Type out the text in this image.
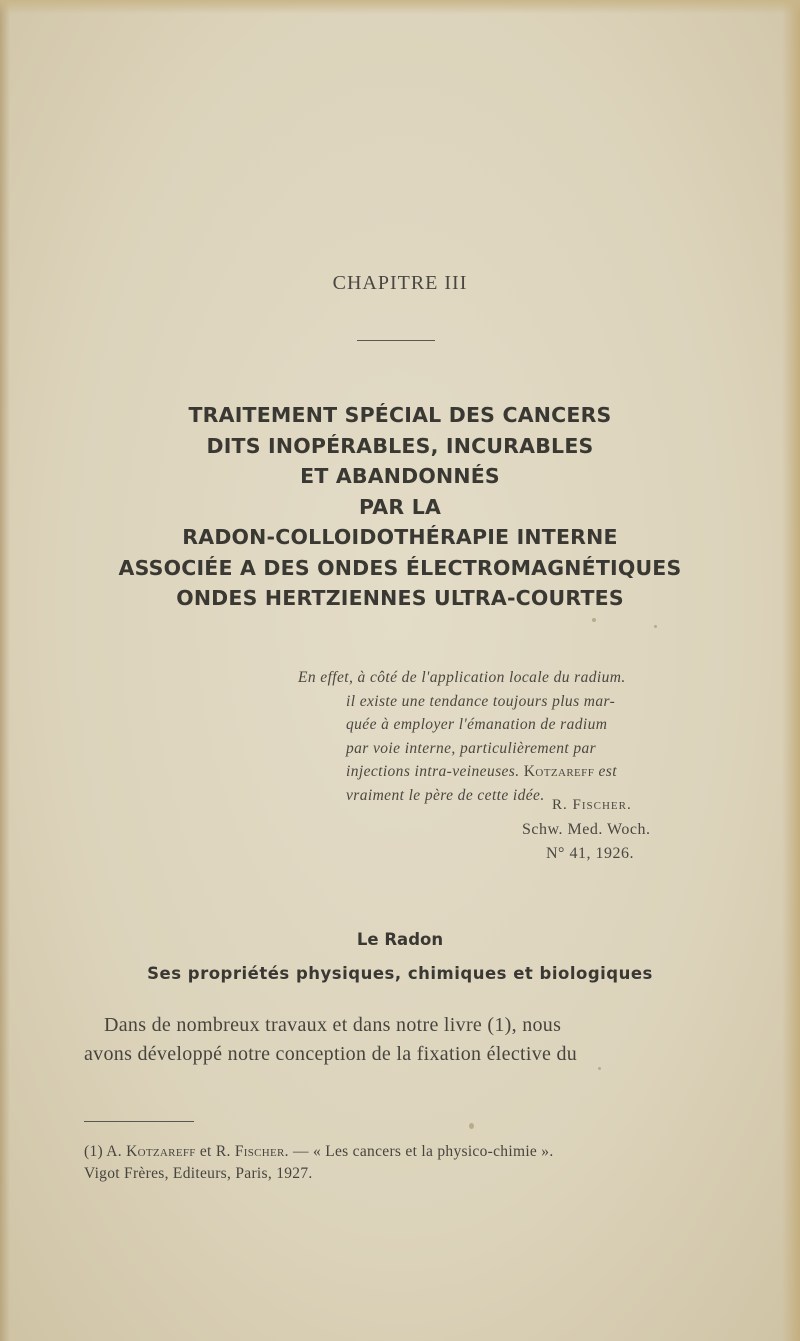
CHAPITRE III
TRAITEMENT SPÉCIAL DES CANCERS
DITS INOPÉRABLES, INCURABLES
ET ABANDONNÉS
PAR LA
RADON-COLLOIDOTHÉRAPIE INTERNE
ASSOCIÉE A DES ONDES ÉLECTROMAGNÉTIQUES
ONDES HERTZIENNES ULTRA-COURTES
En effet, à côté de l'application locale du radium.
il existe une tendance toujours plus mar-
quée à employer l'émanation de radium
par voie interne, particulièrement par
injections intra-veineuses. Kotzareff est
vraiment le père de cette idée.
R. Fischer.
Schw. Med. Woch.
N° 41, 1926.
Le Radon
Ses propriétés physiques, chimiques et biologiques
Dans de nombreux travaux et dans notre livre (1), nous
avons développé notre conception de la fixation élective du
(1) A. Kotzareff et R. Fischer. — « Les cancers et la physico-chimie ».
Vigot Frères, Editeurs, Paris, 1927.
